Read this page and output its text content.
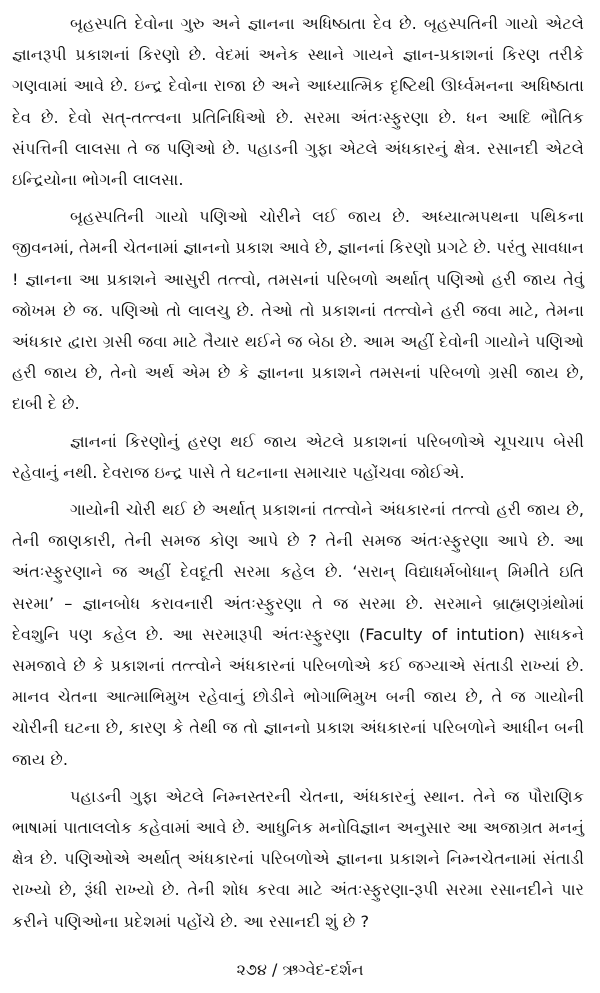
બૃહસ્પતિ દેવોના ગુરુ અને જ્ઞાનના અધિષ્ઠાતા દેવ છે. બૃહસ્પતિની ગાયો એટલે જ્ઞાનરૂપી પ્રકાશનાં કિરણો છે. વેદમાં અનેક સ્થાને ગાયને જ્ઞાન-પ્રકાશનાં કિરણ તરીકે ગણવામાં આવે છે. ઇન્દ્ર દેવોના રાજા છે અને આધ્યાત્મિક દૃષ્ટિથી ઊર્ધ્વમનના અધિષ્ઠાતા દેવ છે. દેવો સત્-તત્ત્વના પ્રતિનિધિઓ છે. સરમા અંતઃસ્ફુરણા છે. ધન આદિ ભૌતિક સંપત્તિની લાલસા તે જ પણિઓ છે. પહાડની ગુફા એટલે અંધકારનું ક્ષેત્ર. રસાનદી એટલે ઇન્દ્રિયોના ભોગની લાલસા.

બૃહસ્પતિની ગાયો પણિઓ ચોરીને લઈ જાય છે. અધ્યાત્મપથના પથિકના જીવનમાં, તેમની ચેતનામાં જ્ઞાનનો પ્રકાશ આવે છે, જ્ઞાનનાં કિરણો પ્રગટે છે. પરંતુ સાવધાન ! જ્ઞાનના આ પ્રકાશને આસુરી તત્ત્વો, તમસનાં પરિબળો અર્થાત્ પણિઓ હરી જાય તેવું જોખમ છે જ. પણિઓ તો લાલચુ છે. તેઓ તો પ્રકાશનાં તત્ત્વોને હરી જવા માટે, તેમના અંધકાર દ્વારા ગ્રસી જવા માટે તૈયાર થઈને જ બેઠા છે. આમ અહીં દેવોની ગાયોને પણિઓ હરી જાય છે, તેનો અર્થ એમ છે કે જ્ઞાનના પ્રકાશને તમસનાં પરિબળો ગ્રસી જાય છે, દાબી દે છે.

જ્ઞાનનાં કિરણોનું હરણ થઈ જાય એટલે પ્રકાશનાં પરિબળોએ ચૂપચાપ બેસી રહેવાનું નથી. દેવરાજ ઇન્દ્ર પાસે તે ઘટનાના સમાચાર પહોંચવા જોઈએ.

ગાયોની ચોરી થઈ છે અર્થાત્ પ્રકાશનાં તત્ત્વોને અંધકારનાં તત્ત્વો હરી જાય છે, તેની જાણકારી, તેની સમજ કોણ આપે છે ? તેની સમજ અંતઃસ્ફુરણા આપે છે. આ અંતઃસ્ફુરણાને જ અહીં દેવદૂતી સરમા કહેલ છે. ‘સરાન્ વિદ્યાધર્મબોધાન્ મિમીતે ઇતિ સરમા’ – જ્ઞાનબોધ કરાવનારી અંતઃસ્ફુરણા તે જ સરમા છે. સરમાને બ્રાહ્મણગ્રંથોમાં દેવશુનિ પણ કહેલ છે. આ સરમારૂપી અંતઃસ્ફુરણા (Faculty of intution) સાધકને સમજાવે છે કે પ્રકાશનાં તત્ત્વોને અંધકારનાં પરિબળોએ કઈ જગ્યાએ સંતાડી રાખ્યાં છે. માનવ ચેતના આત્માભિમુખ રહેવાનું છોડીને ભોગાભિમુખ બની જાય છે, તે જ ગાયોની ચોરીની ઘટના છે, કારણ કે તેથી જ તો જ્ઞાનનો પ્રકાશ અંધકારનાં પરિબળોને આધીન બની જાય છે.

પહાડની ગુફા એટલે નિમ્નસ્તરની ચેતના, અંધકારનું સ્થાન. તેને જ પૌરાણિક ભાષામાં પાતાલલોક કહેવામાં આવે છે. આધુનિક મનોવિજ્ઞાન અનુસાર આ અજાગ્રત મનનું ક્ષેત્ર છે. પણિઓએ અર્થાત્ અંધકારનાં પરિબળોએ જ્ઞાનના પ્રકાશને નિમ્નચેતનામાં સંતાડી રાખ્યો છે, રૂંધી રાખ્યો છે. તેની શોધ કરવા માટે અંતઃસ્ફુરણા-રૂપી સરમા રસાનદીને પાર કરીને પણિઓના પ્રદેશમાં પહોંચે છે. આ રસાનદી શું છે ?

૨૭૪ / ઋગ્વેદ-દર્શન
